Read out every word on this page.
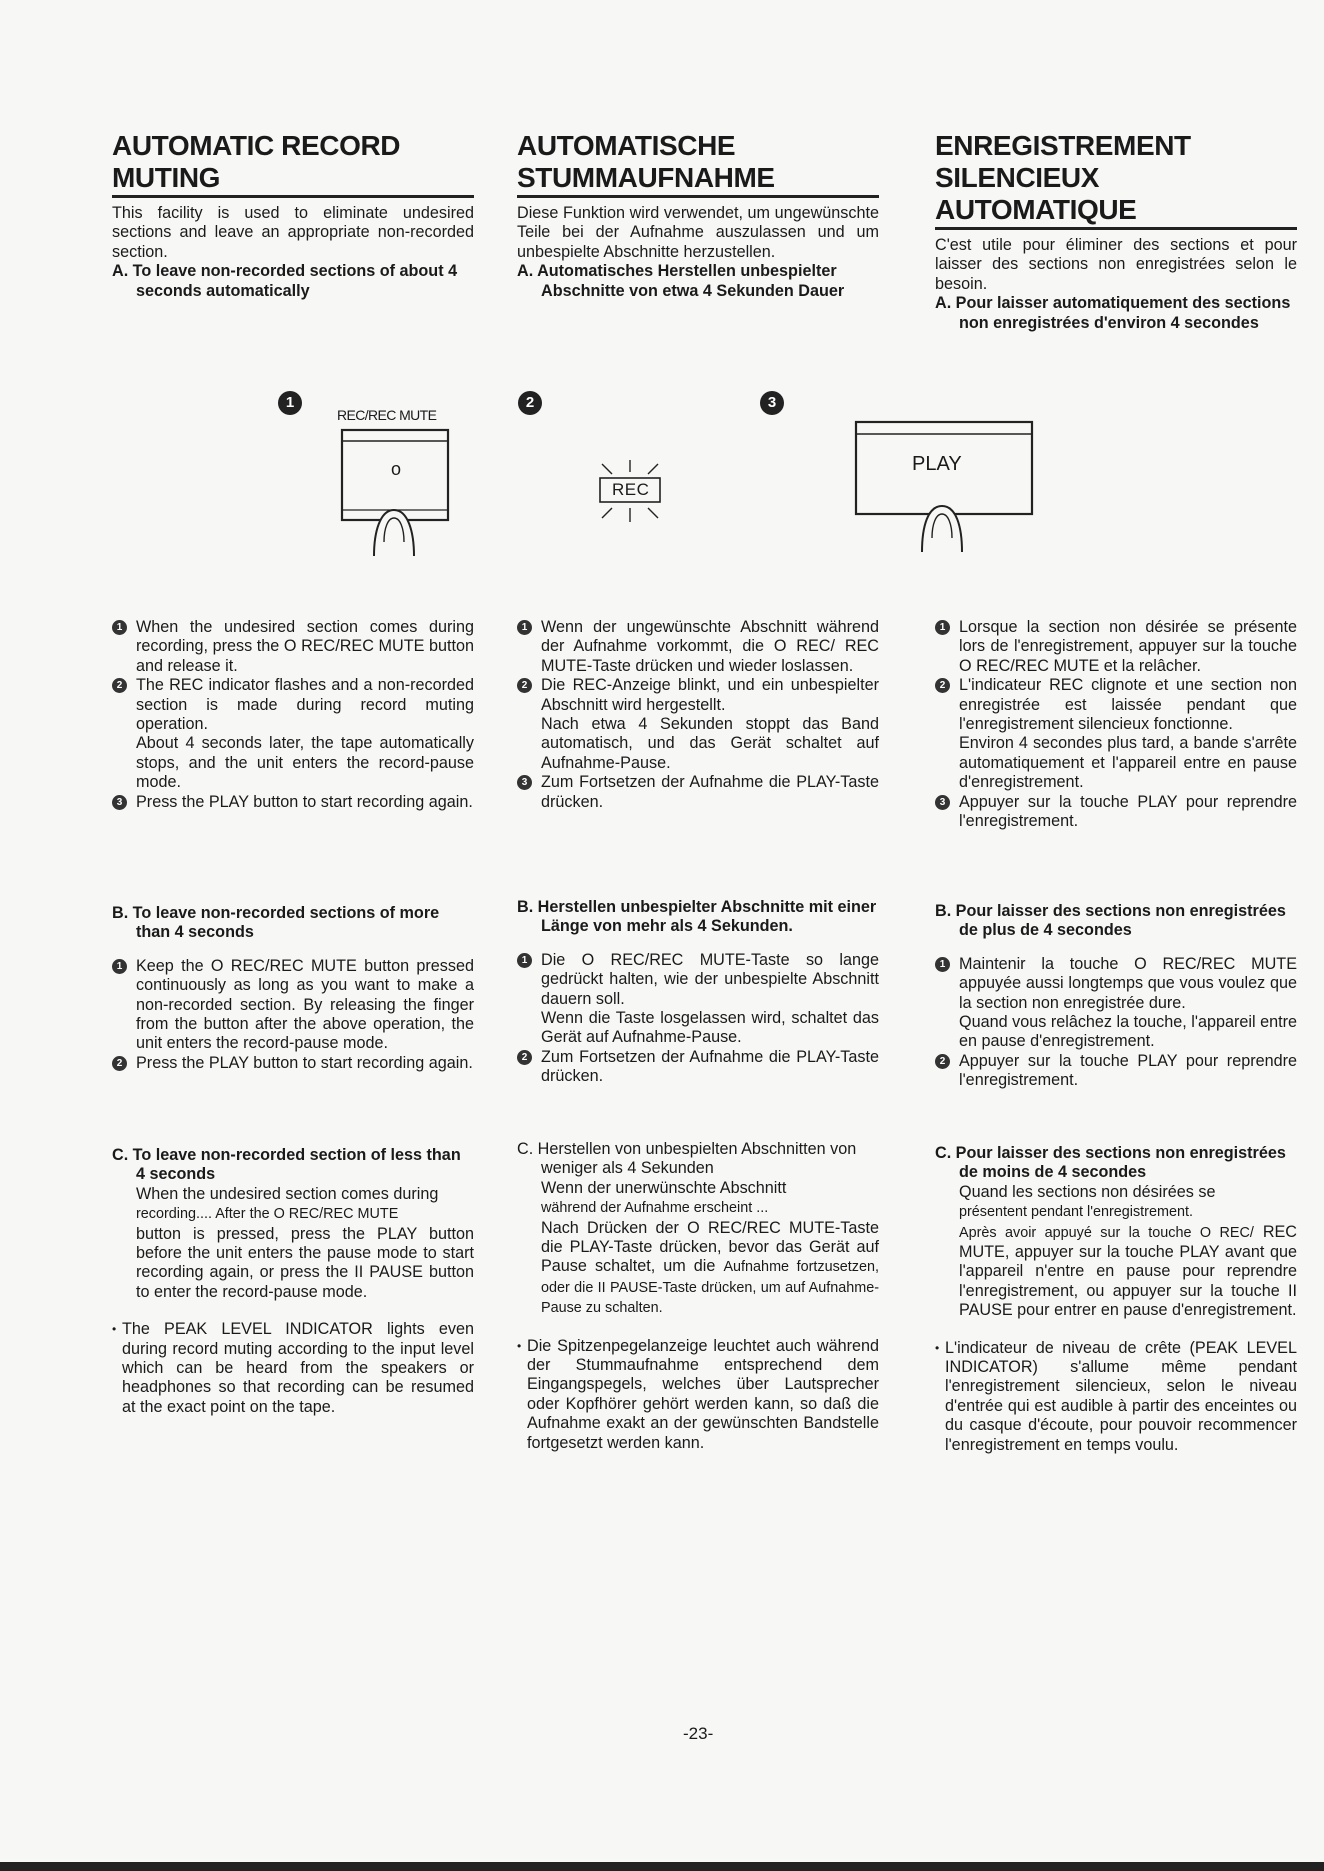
AUTOMATIC RECORD MUTING

This facility is used to eliminate undesired sections and leave an appropriate non-recorded section.

A. To leave non-recorded sections of about 4 seconds automatically

1 When the undesired section comes during recording, press the O REC/REC MUTE button and release it.
2 The REC indicator flashes and a non-recorded section is made during record muting operation.
About 4 seconds later, the tape automatically stops, and the unit enters the record-pause mode.
3 Press the PLAY button to start recording again.

B. To leave non-recorded sections of more than 4 seconds

1 Keep the O REC/REC MUTE button pressed continuously as long as you want to make a non-recorded section. By releasing the finger from the button after the above operation, the unit enters the record-pause mode.
2 Press the PLAY button to start recording again.

C. To leave non-recorded section of less than 4 seconds

When the undesired section comes during
recording.... After the O REC/REC MUTE
button is pressed, press the PLAY button before the unit enters the pause mode to start recording again, or press the II PAUSE button to enter the record-pause mode.
• The PEAK LEVEL INDICATOR lights even during record muting according to the input level which can be heard from the speakers or headphones so that recording can be resumed at the exact point on the tape.
AUTOMATISCHE STUMMAUFNAHME

Diese Funktion wird verwendet, um ungewünschte Teile bei der Aufnahme auszulassen und um unbespielte Abschnitte herzustellen.

A. Automatisches Herstellen unbespielter Abschnitte von etwa 4 Sekunden Dauer

1 Wenn der ungewünschte Abschnitt während der Aufnahme vorkommt, die O REC/ REC MUTE-Taste drücken und wieder loslassen.
2 Die REC-Anzeige blinkt, und ein unbespielter Abschnitt wird hergestellt.
Nach etwa 4 Sekunden stoppt das Band automatisch, und das Gerät schaltet auf Aufnahme-Pause.
3 Zum Fortsetzen der Aufnahme die PLAY-Taste drücken.

B. Herstellen unbespielter Abschnitte mit einer Länge von mehr als 4 Sekunden.

1 Die O REC/REC MUTE-Taste so lange gedrückt halten, wie der unbespielte Abschnitt dauern soll.
Wenn die Taste losgelassen wird, schaltet das Gerät auf Aufnahme-Pause.
2 Zum Fortsetzen der Aufnahme die PLAY-Taste drücken.

C. Herstellen von unbespielten Abschnitten von weniger als 4 Sekunden

Wenn der unerwünschte Abschnitt
während der Aufnahme erscheint ...
Nach Drücken der O REC/REC MUTE-Taste die PLAY-Taste drücken, bevor das Gerät auf Pause schaltet, um die Aufnahme fortzusetzen, oder die II PAUSE-Taste drücken, um auf Aufnahme-Pause zu schalten.
• Die Spitzenpegelanzeige leuchtet auch während der Stummaufnahme entsprechend dem Eingangspegels, welches über Lautsprecher oder Kopfhörer gehört werden kann, so daß die Aufnahme exakt an der gewünschten Bandstelle fortgesetzt werden kann.
ENREGISTREMENT
SILENCIEUX AUTOMATIQUE

C'est utile pour éliminer des sections et pour laisser des sections non enregistrées selon le besoin.

A. Pour laisser automatiquement des sections non enregistrées d'environ 4 secondes

1 Lorsque la section non désirée se présente lors de l'enregistrement, appuyer sur la touche O REC/REC MUTE et la relâcher.
2 L'indicateur REC clignote et une section non enregistrée est laissée pendant que l'enregistrement silencieux fonctionne.
Environ 4 secondes plus tard, a bande s'arrête automatiquement et l'appareil entre en pause d'enregistrement.
3 Appuyer sur la touche PLAY pour reprendre l'enregistrement.

B. Pour laisser des sections non enregistrées de plus de 4 secondes

1 Maintenir la touche O REC/REC MUTE appuyée aussi longtemps que vous voulez que la section non enregistrée dure.
Quand vous relâchez la touche, l'appareil entre en pause d'enregistrement.
2 Appuyer sur la touche PLAY pour reprendre l'enregistrement.

C. Pour laisser des sections non enregistrées de moins de 4 secondes

Quand les sections non désirées se
présentent pendant l'enregistrement.
Après avoir appuyé sur la touche O REC/ REC MUTE, appuyer sur la touche PLAY avant que l'appareil n'entre en pause pour reprendre l'enregistrement, ou appuyer sur la touche II PAUSE pour entrer en pause d'enregistrement.
• L'indicateur de niveau de crête (PEAK LEVEL INDICATOR) s'allume même pendant l'enregistrement silencieux, selon le niveau d'entrée qui est audible à partir des enceintes ou du casque d'écoute, pour pouvoir recommencer l'enregistrement en temps voulu.
1	2	3
REC/REC MUTE
o
REC
PLAY
-23-
